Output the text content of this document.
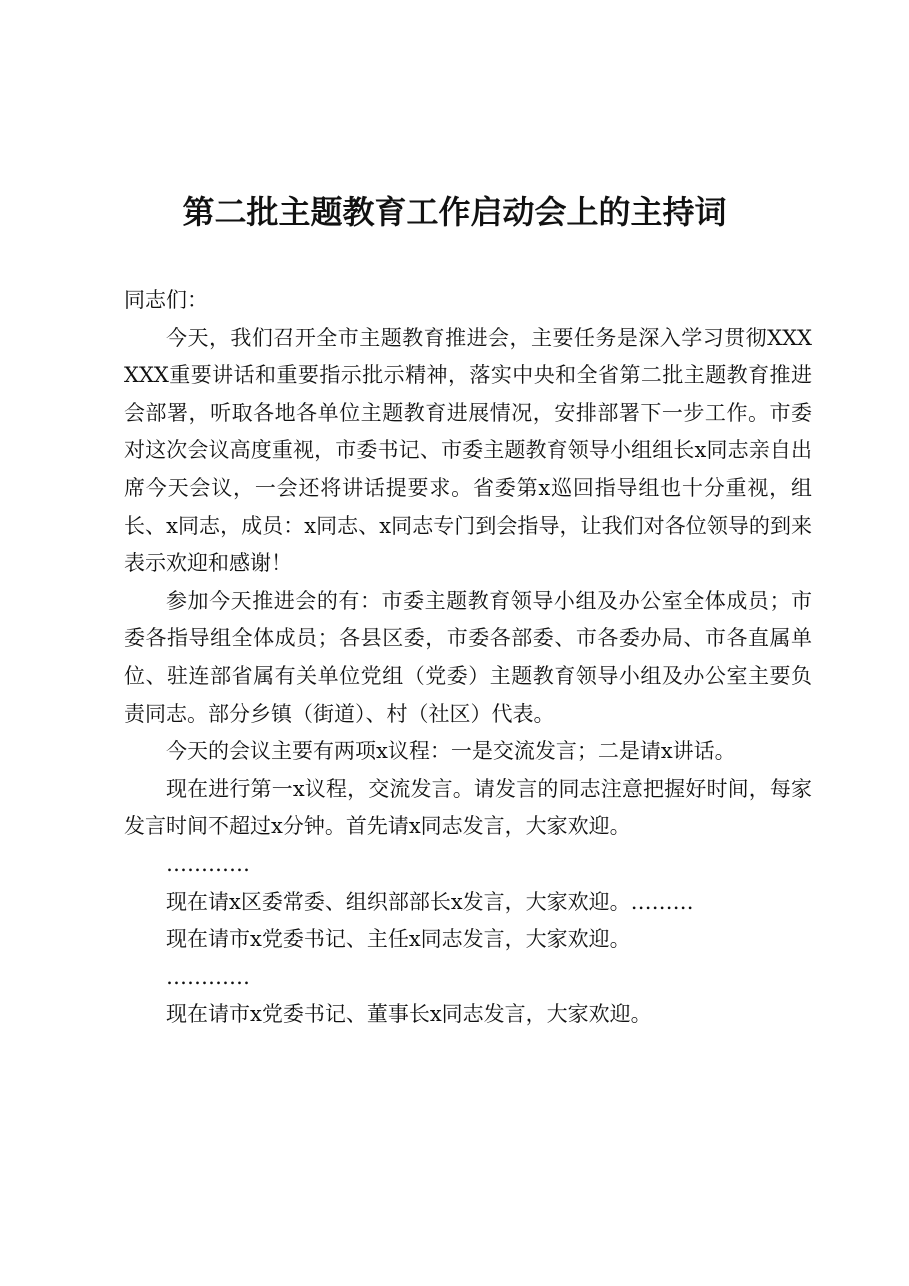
第二批主题教育工作启动会上的主持词

同志们：

今天，我们召开全市主题教育推进会，主要任务是深入学习贯彻XXXXXX重要讲话和重要指示批示精神，落实中央和全省第二批主题教育推进会部署，听取各地各单位主题教育进展情况，安排部署下一步工作。市委对这次会议高度重视，市委书记、市委主题教育领导小组组长x同志亲自出席今天会议，一会还将讲话提要求。省委第x巡回指导组也十分重视，组长、x同志，成员：x同志、x同志专门到会指导，让我们对各位领导的到来表示欢迎和感谢！

参加今天推进会的有：市委主题教育领导小组及办公室全体成员；市委各指导组全体成员；各县区委，市委各部委、市各委办局、市各直属单位、驻连部省属有关单位党组（党委）主题教育领导小组及办公室主要负责同志。部分乡镇（街道）、村（社区）代表。

今天的会议主要有两项x议程：一是交流发言；二是请x讲话。

现在进行第一x议程，交流发言。请发言的同志注意把握好时间，每家发言时间不超过x分钟。首先请x同志发言，大家欢迎。

…………

现在请x区委常委、组织部部长x发言，大家欢迎。………

现在请市x党委书记、主任x同志发言，大家欢迎。

…………

现在请市x党委书记、董事长x同志发言，大家欢迎。
